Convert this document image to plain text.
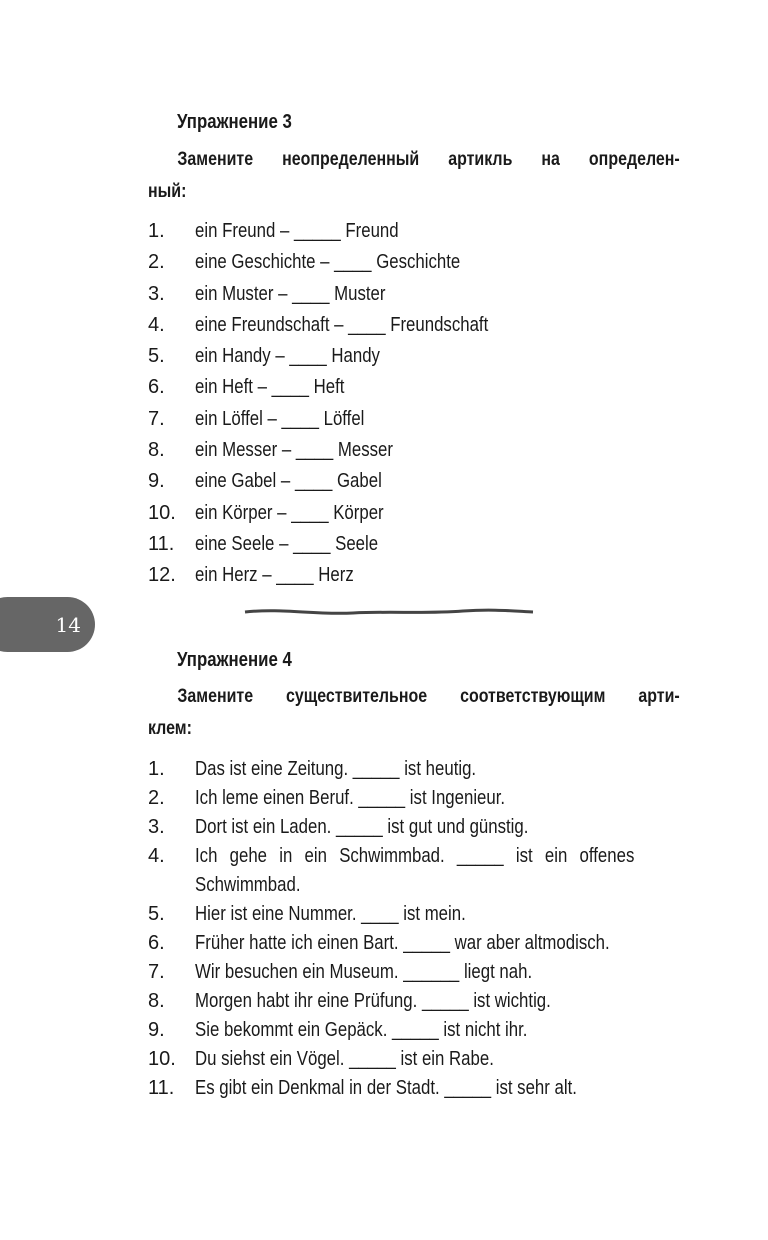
Упражнение 3
Замените неопределенный артикль на определен-
ный:
1. ein Freund – _____ Freund
2. eine Geschichte – ____ Geschichte
3. ein Muster – ____ Muster
4. eine Freundschaft – ____ Freundschaft
5. ein Handy – ____ Handy
6. ein Heft – ____ Heft
7. ein Löffel – ____ Löffel
8. ein Messer – ____ Messer
9. eine Gabel – ____ Gabel
10. ein Körper – ____ Körper
11. eine Seele – ____ Seele
12. ein Herz – ____ Herz
14
Упражнение 4
Замените существительное соответствующим арти-
клем:
1. Das ist eine Zeitung. _____ ist heutig.
2. Ich leme einen Beruf. _____ ist Ingenieur.
3. Dort ist ein Laden. _____ ist gut und günstig.
4. Ich gehe in ein Schwimmbad. _____ ist ein offenes
Schwimmbad.
5. Hier ist eine Nummer. ____ ist mein.
6. Früher hatte ich einen Bart. _____ war aber altmodisch.
7. Wir besuchen ein Museum. ______ liegt nah.
8. Morgen habt ihr eine Prüfung. _____ ist wichtig.
9. Sie bekommt ein Gepäck. _____ ist nicht ihr.
10. Du siehst ein Vögel. _____ ist ein Rabe.
11. Es gibt ein Denkmal in der Stadt. _____ ist sehr alt.
